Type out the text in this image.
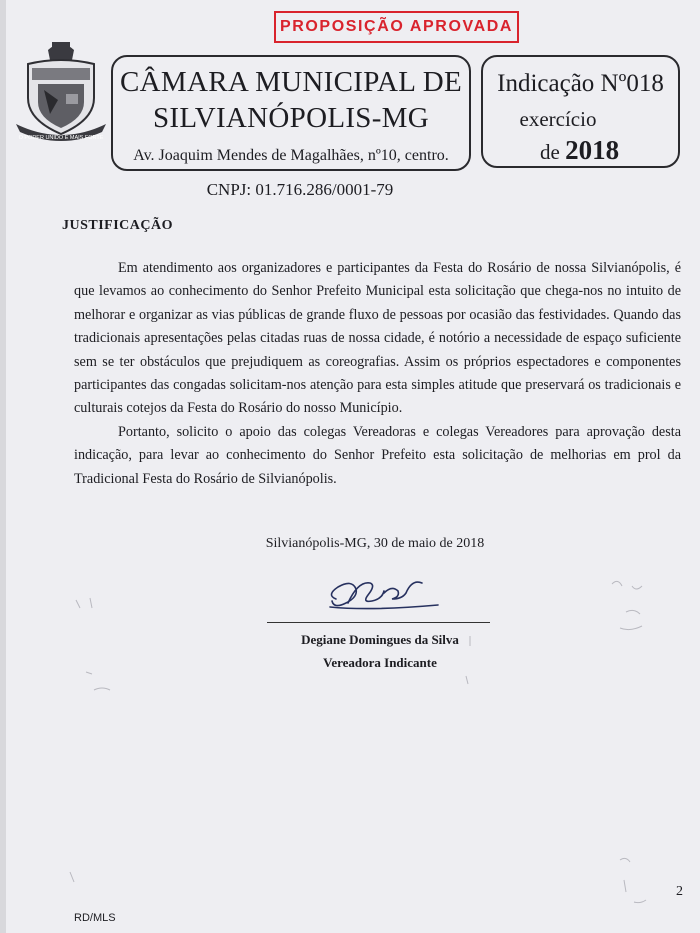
PROPOSIÇÃO APROVADA
O PODER UNIDO E MAIS FORTE
CÂMARA MUNICIPAL DE
SILVIANÓPOLIS-MG
Av. Joaquim Mendes de Magalhães, nº10, centro.
Indicação Nº018
exercício
de 2018
CNPJ: 01.716.286/0001-79
JUSTIFICAÇÃO

Em atendimento aos organizadores e participantes da Festa do Rosário de nossa Silvianópolis, é que levamos ao conhecimento do Senhor Prefeito Municipal esta solicitação que chega-nos no intuito de melhorar e organizar as vias públicas de grande fluxo de pessoas por ocasião das festividades. Quando das tradicionais apresentações pelas citadas ruas de nossa cidade, é notório a necessidade de espaço suficiente sem se ter obstáculos que prejudiquem as coreografias. Assim os próprios espectadores e componentes participantes das congadas solicitam-nos atenção para esta simples atitude que preservará os tradicionais e culturais cotejos da Festa do Rosário do nosso Município.

Portanto, solicito o apoio das colegas Vereadoras e colegas Vereadores para aprovação desta indicação, para levar ao conhecimento do Senhor Prefeito esta solicitação de melhorias em prol da Tradicional Festa do Rosário de Silvianópolis.

Silvianópolis-MG, 30 de maio de 2018
Degiane Domingues da Silva
Vereadora Indicante
2
RD/MLS
